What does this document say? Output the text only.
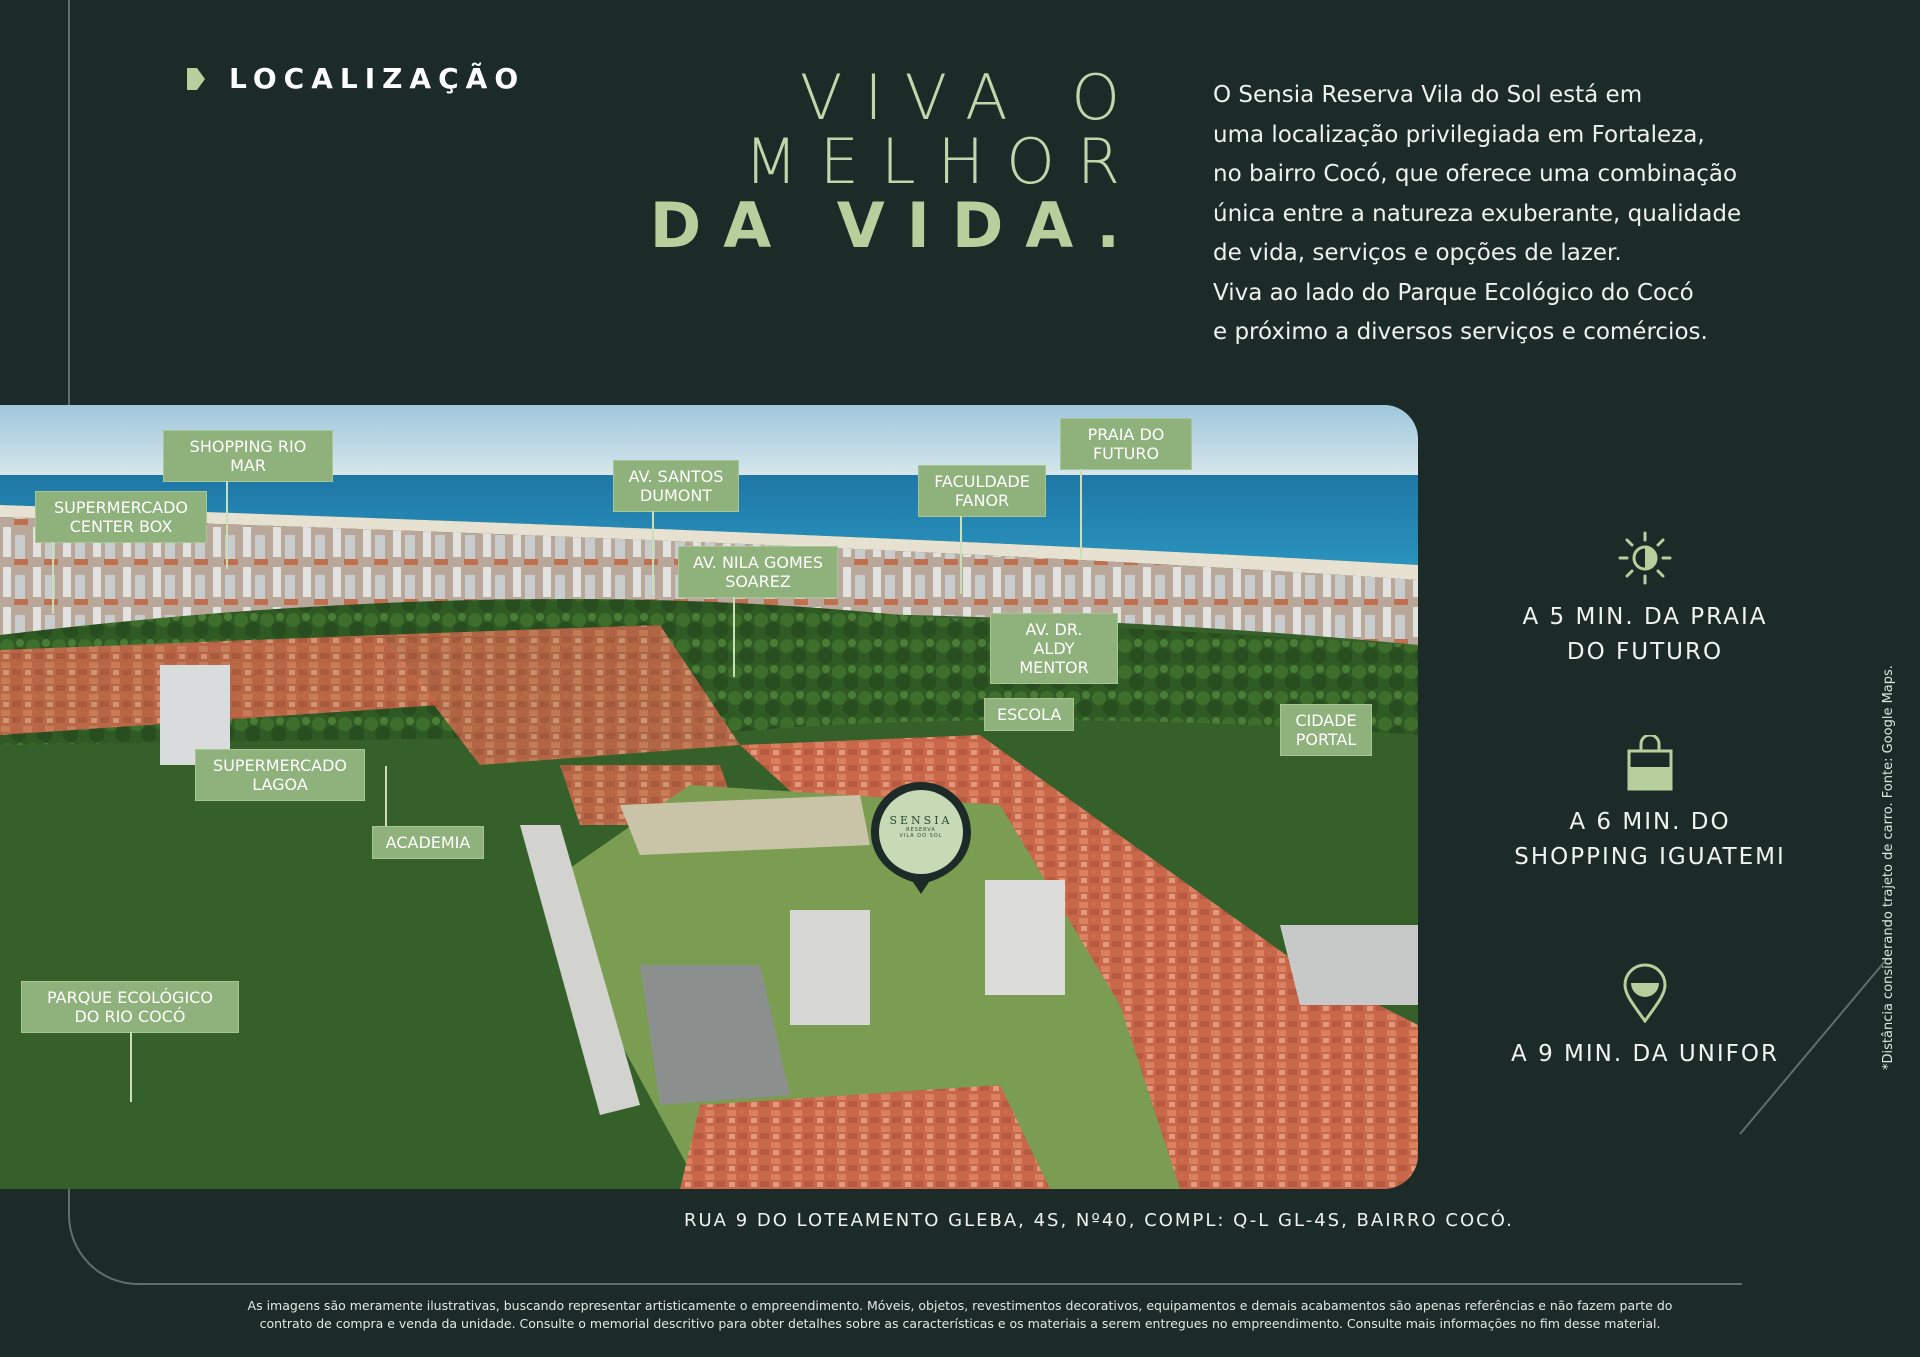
LOCALIZAÇÃO	VIVA O
MELHOR
DA VIDA.

O Sensia Reserva Vila do Sol está em

uma localização privilegiada em Fortaleza,

no bairro Cocó, que oferece uma combinação

única entre a natureza exuberante, qualidade

de vida, serviços e opções de lazer.

Viva ao lado do Parque Ecológico do Cocó

e próximo a diversos serviços e comércios.

SHOPPING RIO MAR
SUPERMERCADO CENTER BOX
AV. SANTOS DUMONT
FACULDADE FANOR
PRAIA DO FUTURO
AV. NILA GOMES SOAREZ
AV. DR. ALDY MENTOR
ESCOLA	CIDADE PORTAL
SUPERMERCADO LAGOA
ACADEMIA
PARQUE ECOLÓGICO DO RIO COCÓ
SENSIA
RESERVA
VILA DO SOL
A 5 MIN. DA PRAIA
DO FUTURO
A 6 MIN. DO
SHOPPING IGUATEMI
A 9 MIN. DA UNIFOR	*Distância considerando trajeto de carro. Fonte: Google Maps.
RUA 9 DO LOTEAMENTO GLEBA, 4S, Nº40, COMPL: Q-L GL-4S, BAIRRO COCÓ.

As imagens são meramente ilustrativas, buscando representar artisticamente o empreendimento. Móveis, objetos, revestimentos decorativos, equipamentos e demais acabamentos são apenas referências e não fazem parte do

contrato de compra e venda da unidade. Consulte o memorial descritivo para obter detalhes sobre as características e os materiais a serem entregues no empreendimento. Consulte mais informações no fim desse material.
